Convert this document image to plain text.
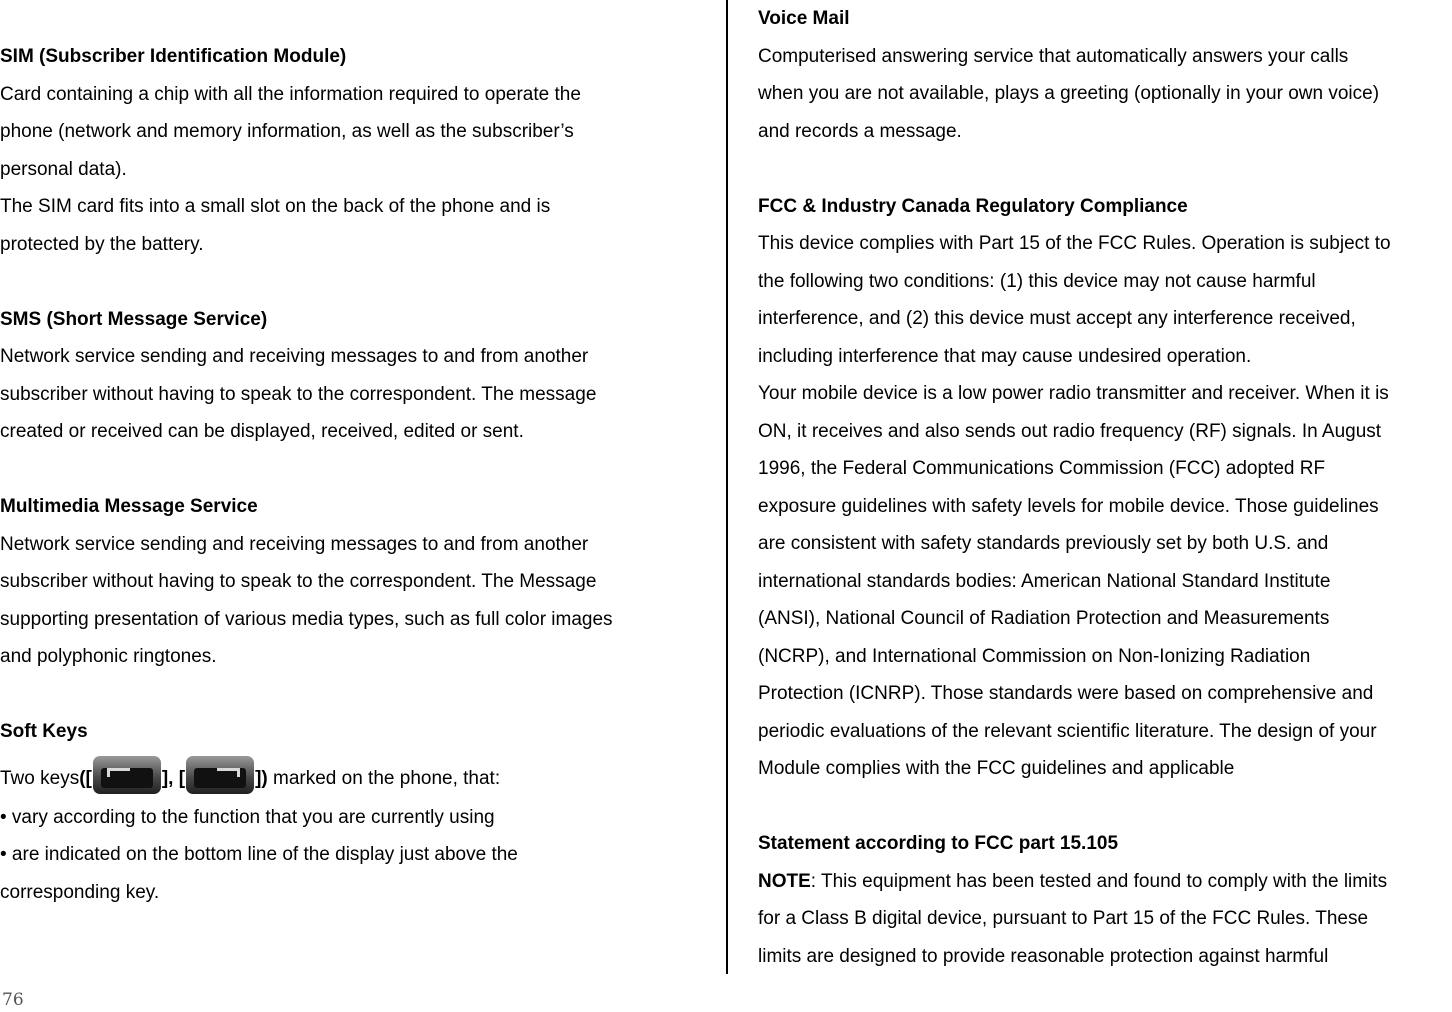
SIM (Subscriber Identification Module)
Card containing a chip with all the information required to operate the
phone (network and memory information, as well as the subscriber’s
personal data).
The SIM card fits into a small slot on the back of the phone and is
protected by the battery.
SMS (Short Message Service)
Network service sending and receiving messages to and from another
subscriber without having to speak to the correspondent. The message
created or received can be displayed, received, edited or sent.
Multimedia Message Service
Network service sending and receiving messages to and from another
subscriber without having to speak to the correspondent. The Message
supporting presentation of various media types, such as full color images
and polyphonic ringtones.
Soft Keys
Two keys([	], [	]) marked on the phone, that:
• vary according to the function that you are currently using
• are indicated on the bottom line of the display just above the
corresponding key.
Voice Mail
Computerised answering service that automatically answers your calls
when you are not available, plays a greeting (optionally in your own voice)
and records a message.
FCC & Industry Canada Regulatory Compliance
This device complies with Part 15 of the FCC Rules. Operation is subject to
the following two conditions: (1) this device may not cause harmful
interference, and (2) this device must accept any interference received,
including interference that may cause undesired operation.
Your mobile device is a low power radio transmitter and receiver. When it is
ON, it receives and also sends out radio frequency (RF) signals. In August
1996, the Federal Communications Commission (FCC) adopted RF
exposure guidelines with safety levels for mobile device. Those guidelines
are consistent with safety standards previously set by both U.S. and
international standards bodies: American National Standard Institute
(ANSI), National Council of Radiation Protection and Measurements
(NCRP), and International Commission on Non-Ionizing Radiation
Protection (ICNRP). Those standards were based on comprehensive and
periodic evaluations of the relevant scientific literature. The design of your
Module complies with the FCC guidelines and applicable
Statement according to FCC part 15.105
NOTE: This equipment has been tested and found to comply with the limits
for a Class B digital device, pursuant to Part 15 of the FCC Rules. These
limits are designed to provide reasonable protection against harmful
76
